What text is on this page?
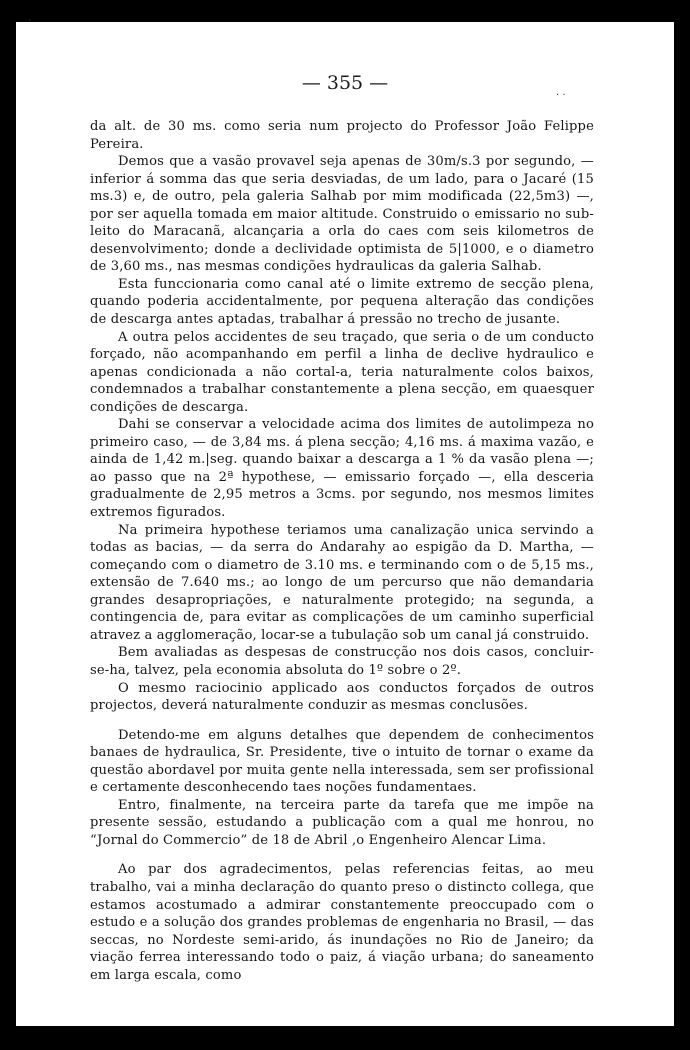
·
· ·
— 355 —

da alt. de 30 ms. como seria num projecto do Professor João Felippe Pereira.

Demos que a vasão provavel seja apenas de 30m/s.3 por segundo, — inferior á somma das que seria desviadas, de um lado, para o Jacaré (15 ms.3) e, de outro, pela galeria Salhab por mim modificada (22,5m3) —, por ser aquella tomada em maior altitude. Construido o emissario no sub-leito do Maracanã, alcançaria a orla do caes com seis kilometros de desenvolvimento; donde a declividade optimista de 5|1000, e o diametro de 3,60 ms., nas mesmas condições hydraulicas da galeria Salhab.

Esta funccionaria como canal até o limite extremo de secção plena, quando poderia accidentalmente, por pequena alteração das condições de descarga antes aptadas, trabalhar á pressão no trecho de jusante.

A outra pelos accidentes de seu traçado, que seria o de um conducto forçado, não acompanhando em perfil a linha de declive hydraulico e apenas condicionada a não cortal-a, teria naturalmente colos baixos, condemnados a trabalhar constantemente a plena secção, em quaesquer condições de descarga.

Dahi se conservar a velocidade acima dos limites de autolimpeza no primeiro caso, — de 3,84 ms. á plena secção; 4,16 ms. á maxima vazão, e ainda de 1,42 m.|seg. quando baixar a descarga a 1 % da vasão plena —; ao passo que na 2ª hypothese, — emissario forçado —, ella desceria gradualmente de 2,95 metros a 3cms. por segundo, nos mesmos limites extremos figurados.

Na primeira hypothese teriamos uma canalização unica servindo a todas as bacias, — da serra do Andarahy ao espigão da D. Martha, — começando com o diametro de 3.10 ms. e terminando com o de 5,15 ms., extensão de 7.640 ms.; ao longo de um percurso que não demandaria grandes desapropriações, e naturalmente protegido; na segunda, a contingencia de, para evitar as complicações de um caminho superficial atravez a agglomeração, locar-se a tubulação sob um canal já construido.

Bem avaliadas as despesas de construcção nos dois casos, concluir-se-ha, talvez, pela economia absoluta do 1º sobre o 2º.

O mesmo raciocinio applicado aos conductos forçados de outros projectos, deverá naturalmente conduzir as mesmas conclusões.

Detendo-me em alguns detalhes que dependem de conhecimentos banaes de hydraulica, Sr. Presidente, tive o intuito de tornar o exame da questão abordavel por muita gente nella interessada, sem ser profissional e certamente desconhecendo taes noções fundamentaes.

Entro, finalmente, na terceira parte da tarefa que me impõe na presente sessão, estudando a publicação com a qual me honrou, no “Jornal do Commercio” de 18 de Abril ,o Engenheiro Alencar Lima.

Ao par dos agradecimentos, pelas referencias feitas, ao meu trabalho, vai a minha declaração do quanto preso o distincto collega, que estamos acostumado a admirar constantemente preoccupado com o estudo e a solução dos grandes problemas de engenharia no Brasil, — das seccas, no Nordeste semi-arido, ás inundações no Rio de Janeiro; da viação ferrea interessando todo o paiz, á viação urbana; do saneamento em larga escala, como
